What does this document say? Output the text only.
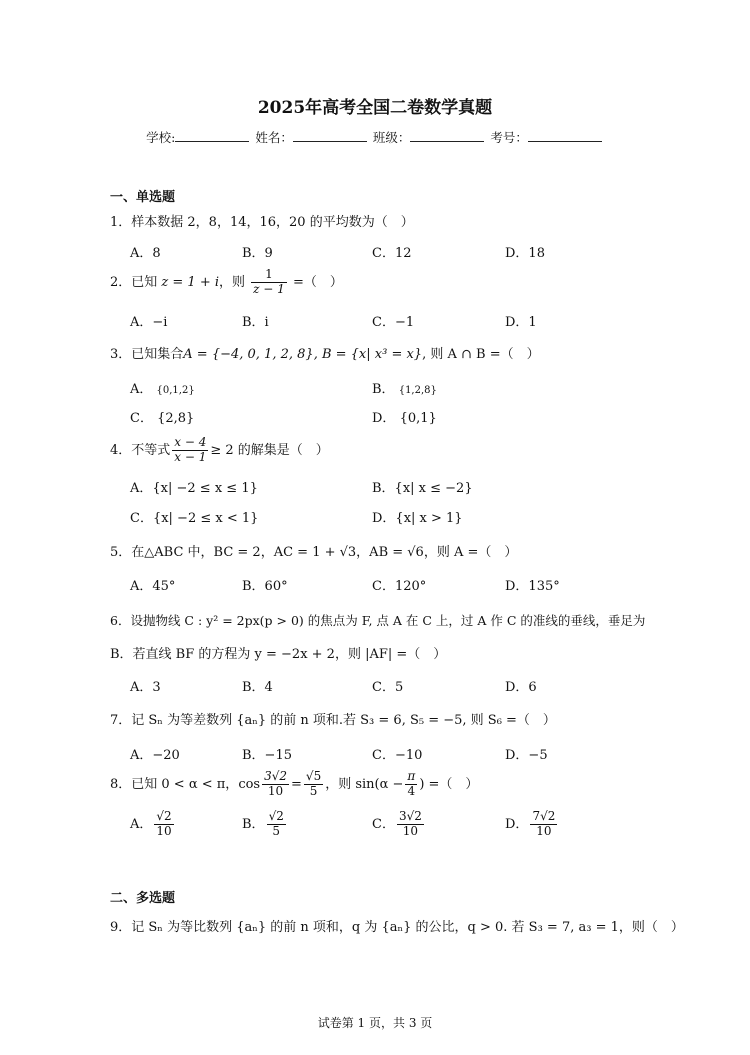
2025年高考全国二卷数学真题
学校:	姓名：	班级：	考号：
一、单选题
1．样本数据 2，8，14，16，20 的平均数为（　）
A．8	B．9	C．12	D．18
2．已知 z = 1 + i，则 $\frac{1}{z - 1}$ =（　）
A．−i	B．i	C．−1	D．1
3．已知集合A = {−4, 0, 1, 2, 8}, B = {x| x³ = x}, 则 A ∩ B =（　）
A． {0,1,2}	B． {1,2,8}
C． {2,8}	D． {0,1}
4．不等式 $\frac{x - 4}{x - 1} \ge 2$ 的解集是（　）
A．{x| −2 ≤ x ≤ 1}	B．{x| x ≤ −2}
C．{x| −2 ≤ x < 1}	D．{x| x > 1}
5．在△ABC 中，BC = 2，AC = 1 + √3，AB = √6，则 A =（　）
A．45°	B．60°	C．120°	D．135°
6．设抛物线 C : y² = 2px(p > 0) 的焦点为 F, 点 A 在 C 上，过 A 作 C 的准线的垂线，垂足为
B．若直线 BF 的方程为 y = −2x + 2，则 |AF| =（　）
A．3	B．4	C．5	D．6
7．记 Sₙ 为等差数列 {aₙ} 的前 n 项和.若 S₃ = 6, S₅ = −5, 则 S₆ =（　）
A．−20	B．−15	C．−10	D．−5
8．已知 0 < α < π，$\cos \frac{3√2}{10} = \frac{√5}{5}$ ，则 $\sin(\alpha - \frac{\pi}{4}$ ) =（　）
A． $\frac{√2}{10}$	B． $\frac{√2}{5}$	C． $\frac{3√2}{10}$	D． $\frac{7√2}{10}$
二、多选题
9．记 Sₙ 为等比数列 {aₙ} 的前 n 项和，q 为 {aₙ} 的公比，q > 0. 若 S₃ = 7, a₃ = 1，则（　）
试卷第 1 页，共 3 页
